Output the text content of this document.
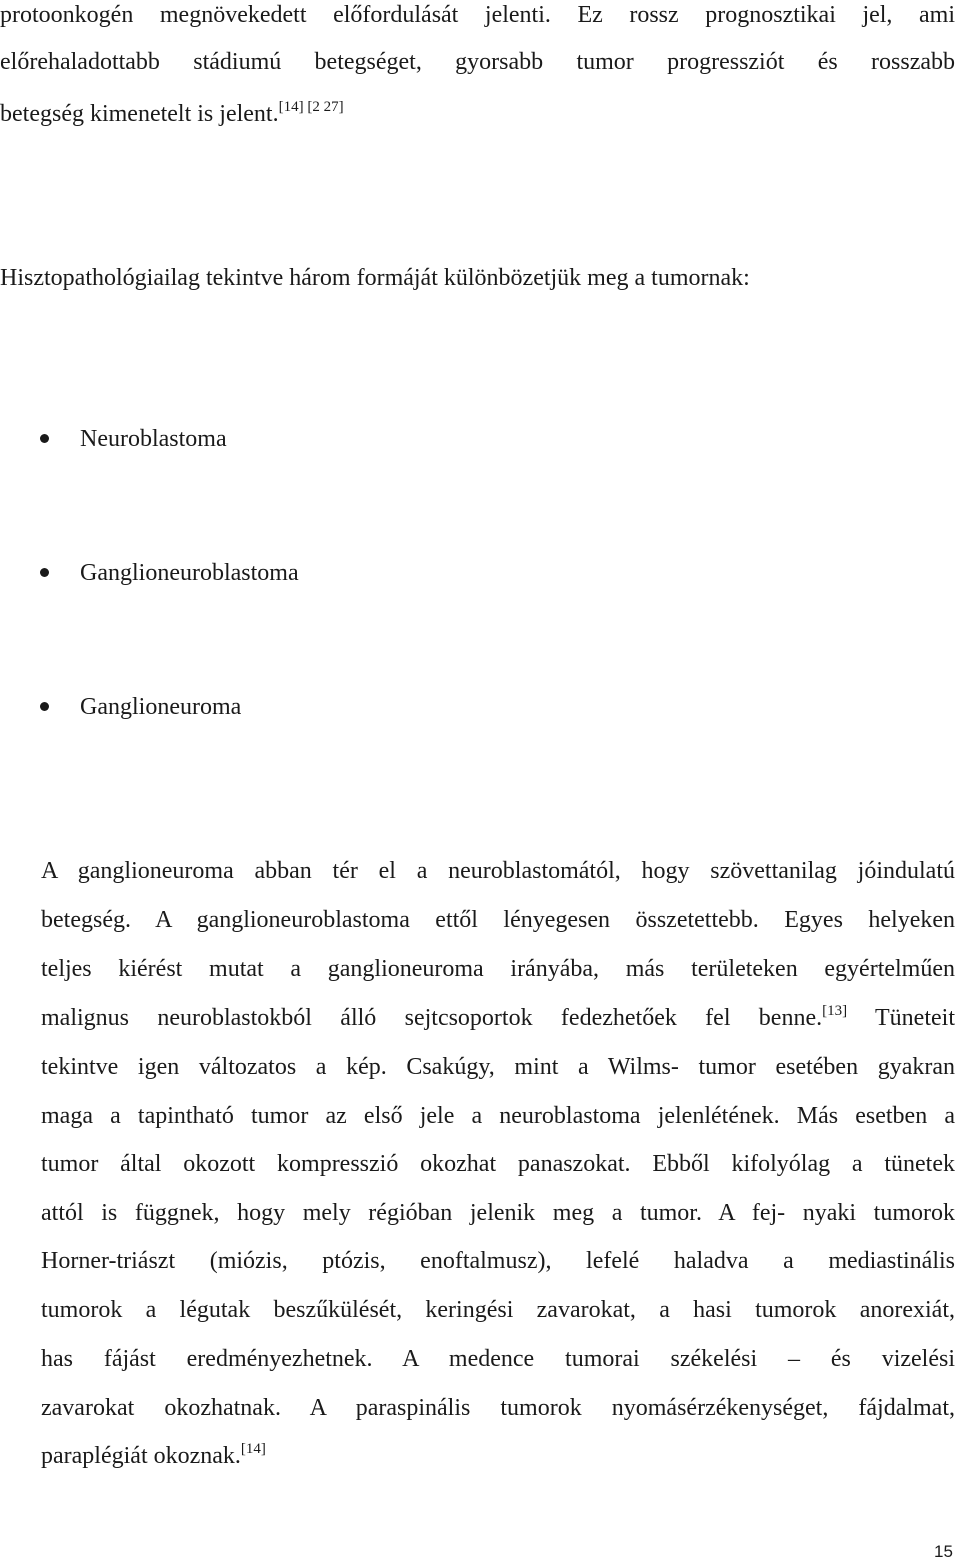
protoonkogén megnövekedett előfordulását jelenti. Ez rossz prognosztikai jel, ami
előrehaladottabb stádiumú betegséget, gyorsabb tumor progressziót és rosszabb
betegség kimenetelt is jelent.[14] [2 27]
Hisztopathológiailag tekintve három formáját különbözetjük meg a tumornak:
Neuroblastoma
Ganglioneuroblastoma
Ganglioneuroma
A ganglioneuroma abban tér el a neuroblastomától, hogy szövettanilag jóindulatú
betegség. A ganglioneuroblastoma ettől lényegesen összetettebb. Egyes helyeken
teljes kiérést mutat a ganglioneuroma irányába, más területeken egyértelműen
malignus neuroblastokból álló sejtcsoportok fedezhetőek fel benne.[13] Tüneteit
tekintve igen változatos a kép. Csakúgy, mint a Wilms- tumor esetében gyakran
maga a tapintható tumor az első jele a neuroblastoma jelenlétének. Más esetben a
tumor által okozott kompresszió okozhat panaszokat. Ebből kifolyólag a tünetek
attól is függnek, hogy mely régióban jelenik meg a tumor. A fej- nyaki tumorok
Horner-triászt (miózis, ptózis, enoftalmusz), lefelé haladva a mediastinális
tumorok a légutak beszűkülését, keringési zavarokat, a hasi tumorok anorexiát,
has fájást eredményezhetnek. A medence tumorai székelési – és vizelési
zavarokat okozhatnak. A paraspinális tumorok nyomásérzékenységet, fájdalmat,
paraplégiát okoznak.[14]
15
